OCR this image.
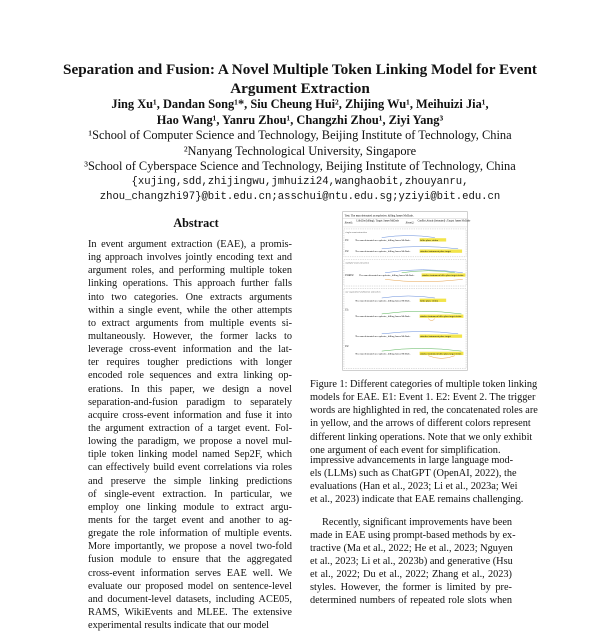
Separation and Fusion: A Novel Multiple Token Linking Model for Event
Argument Extraction
Jing Xu¹, Dandan Song¹*, Siu Cheung Hui², Zhijing Wu¹, Meihuizi Jia¹,
Hao Wang¹, Yanru Zhou¹, Changzhi Zhou¹, Ziyi Yang³
¹School of Computer Science and Technology, Beijing Institute of Technology, China
²Nanyang Technological University, Singapore
³School of Cyberspace Science and Technology, Beijing Institute of Technology, China
{xujing,sdd,zhijingwu,jmhuizi24,wanghaobit,zhouyanru,
zhou_changzhi97}@bit.edu.cn;asschui@ntu.edu.sg;yziyi@bit.edu.cn
Abstract
In event argument extraction (EAE), a promis-
ing approach involves jointly encoding text and
argument roles, and performing multiple token
linking operations. This approach further falls
into two categories. One extracts arguments
within a single event, while the other attempts
to extract arguments from multiple events si-
multaneously. However, the former lacks to
leverage cross-event information and the lat-
ter requires tougher predictions with longer
encoded role sequences and extra linking op-
erations. In this paper, we design a novel
separation-and-fusion paradigm to separately
acquire cross-event information and fuse it into
the argument extraction of a target event. Fol-
lowing the paradigm, we propose a novel mul-
tiple token linking model named Sep2F, which
can effectively build event correlations via roles
and preserve the simple linking predictions
of single-event extraction. In particular, we
employ one linking module to extract argu-
ments for the target event and another to ag-
gregate the role information of multiple events.
More importantly, we propose a novel two-fold
fusion module to ensure that the aggregated
cross-event information serves EAE well. We
evaluate our proposed model on sentence-level
and document-level datasets, including ACE05,
RAMS, WikiEvents and MLEE. The extensive
experimental results indicate that our model
Text: The man detonated an explosive, killing James McDade.
Event1:
Life.Die (killing) ; Target: James McDade
Event2:
Conflict.Attack (detonated) ; Target: James McDade
single-event extraction
E1: The man detonated an explosive, killing James McDade.	killer place victim
E2: The man detonated an explosive, killing James McDade.	attacker instrument place target
multiple-event extraction
E1&E2: The man detonated an explosive, killing James McDade. attacker instrument killer place target victim
our separation-and-fusion extraction
E1:
The man detonated an explosive, killing James McDade.	killer place victim
The man detonated an explosive, killing James McDade.	attacker instrument killer place target victim
E2:
The man detonated an explosive, killing James McDade.	attacker instrument place target
The man detonated an explosive, killing James McDade.	attacker instrument killer place target victim
Figure 1: Different categories of multiple token linking
models for EAE. E1: Event 1. E2: Event 2. The trigger
words are highlighted in red, the concatenated roles are
in yellow, and the arrows of different colors represent
different linking operations. Note that we only exhibit
one argument of each event for simplification.
impressive advancements in large language mod-
els (LLMs) such as ChatGPT (OpenAI, 2022), the
evaluations (Han et al., 2023; Li et al., 2023a; Wei
et al., 2023) indicate that EAE remains challenging.
Recently, significant improvements have been
made in EAE using prompt-based methods by ex-
tractive (Ma et al., 2022; He et al., 2023; Nguyen
et al., 2023; Li et al., 2023b) and generative (Hsu
et al., 2022; Du et al., 2022; Zhang et al., 2023)
styles. However, the former is limited by pre-
determined numbers of repeated role slots when
